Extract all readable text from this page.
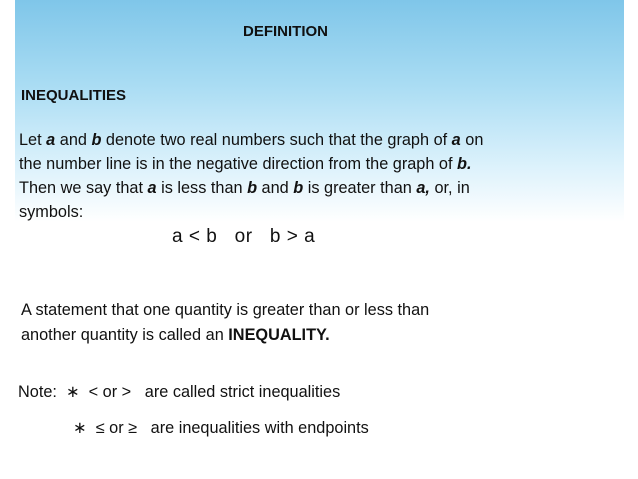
DEFINITION
INEQUALITIES
Let a and b denote two real numbers such that the graph of a on
the number line is in the negative direction from the graph of b.
Then we say that a is less than b and b is greater than a, or, in
symbols:
a < b   or   b > a
A statement that one quantity is greater than or less than
another quantity is called an INEQUALITY.
Note:  ∗  < or >   are called strict inequalities
∗  ≤ or ≥   are inequalities with endpoints
